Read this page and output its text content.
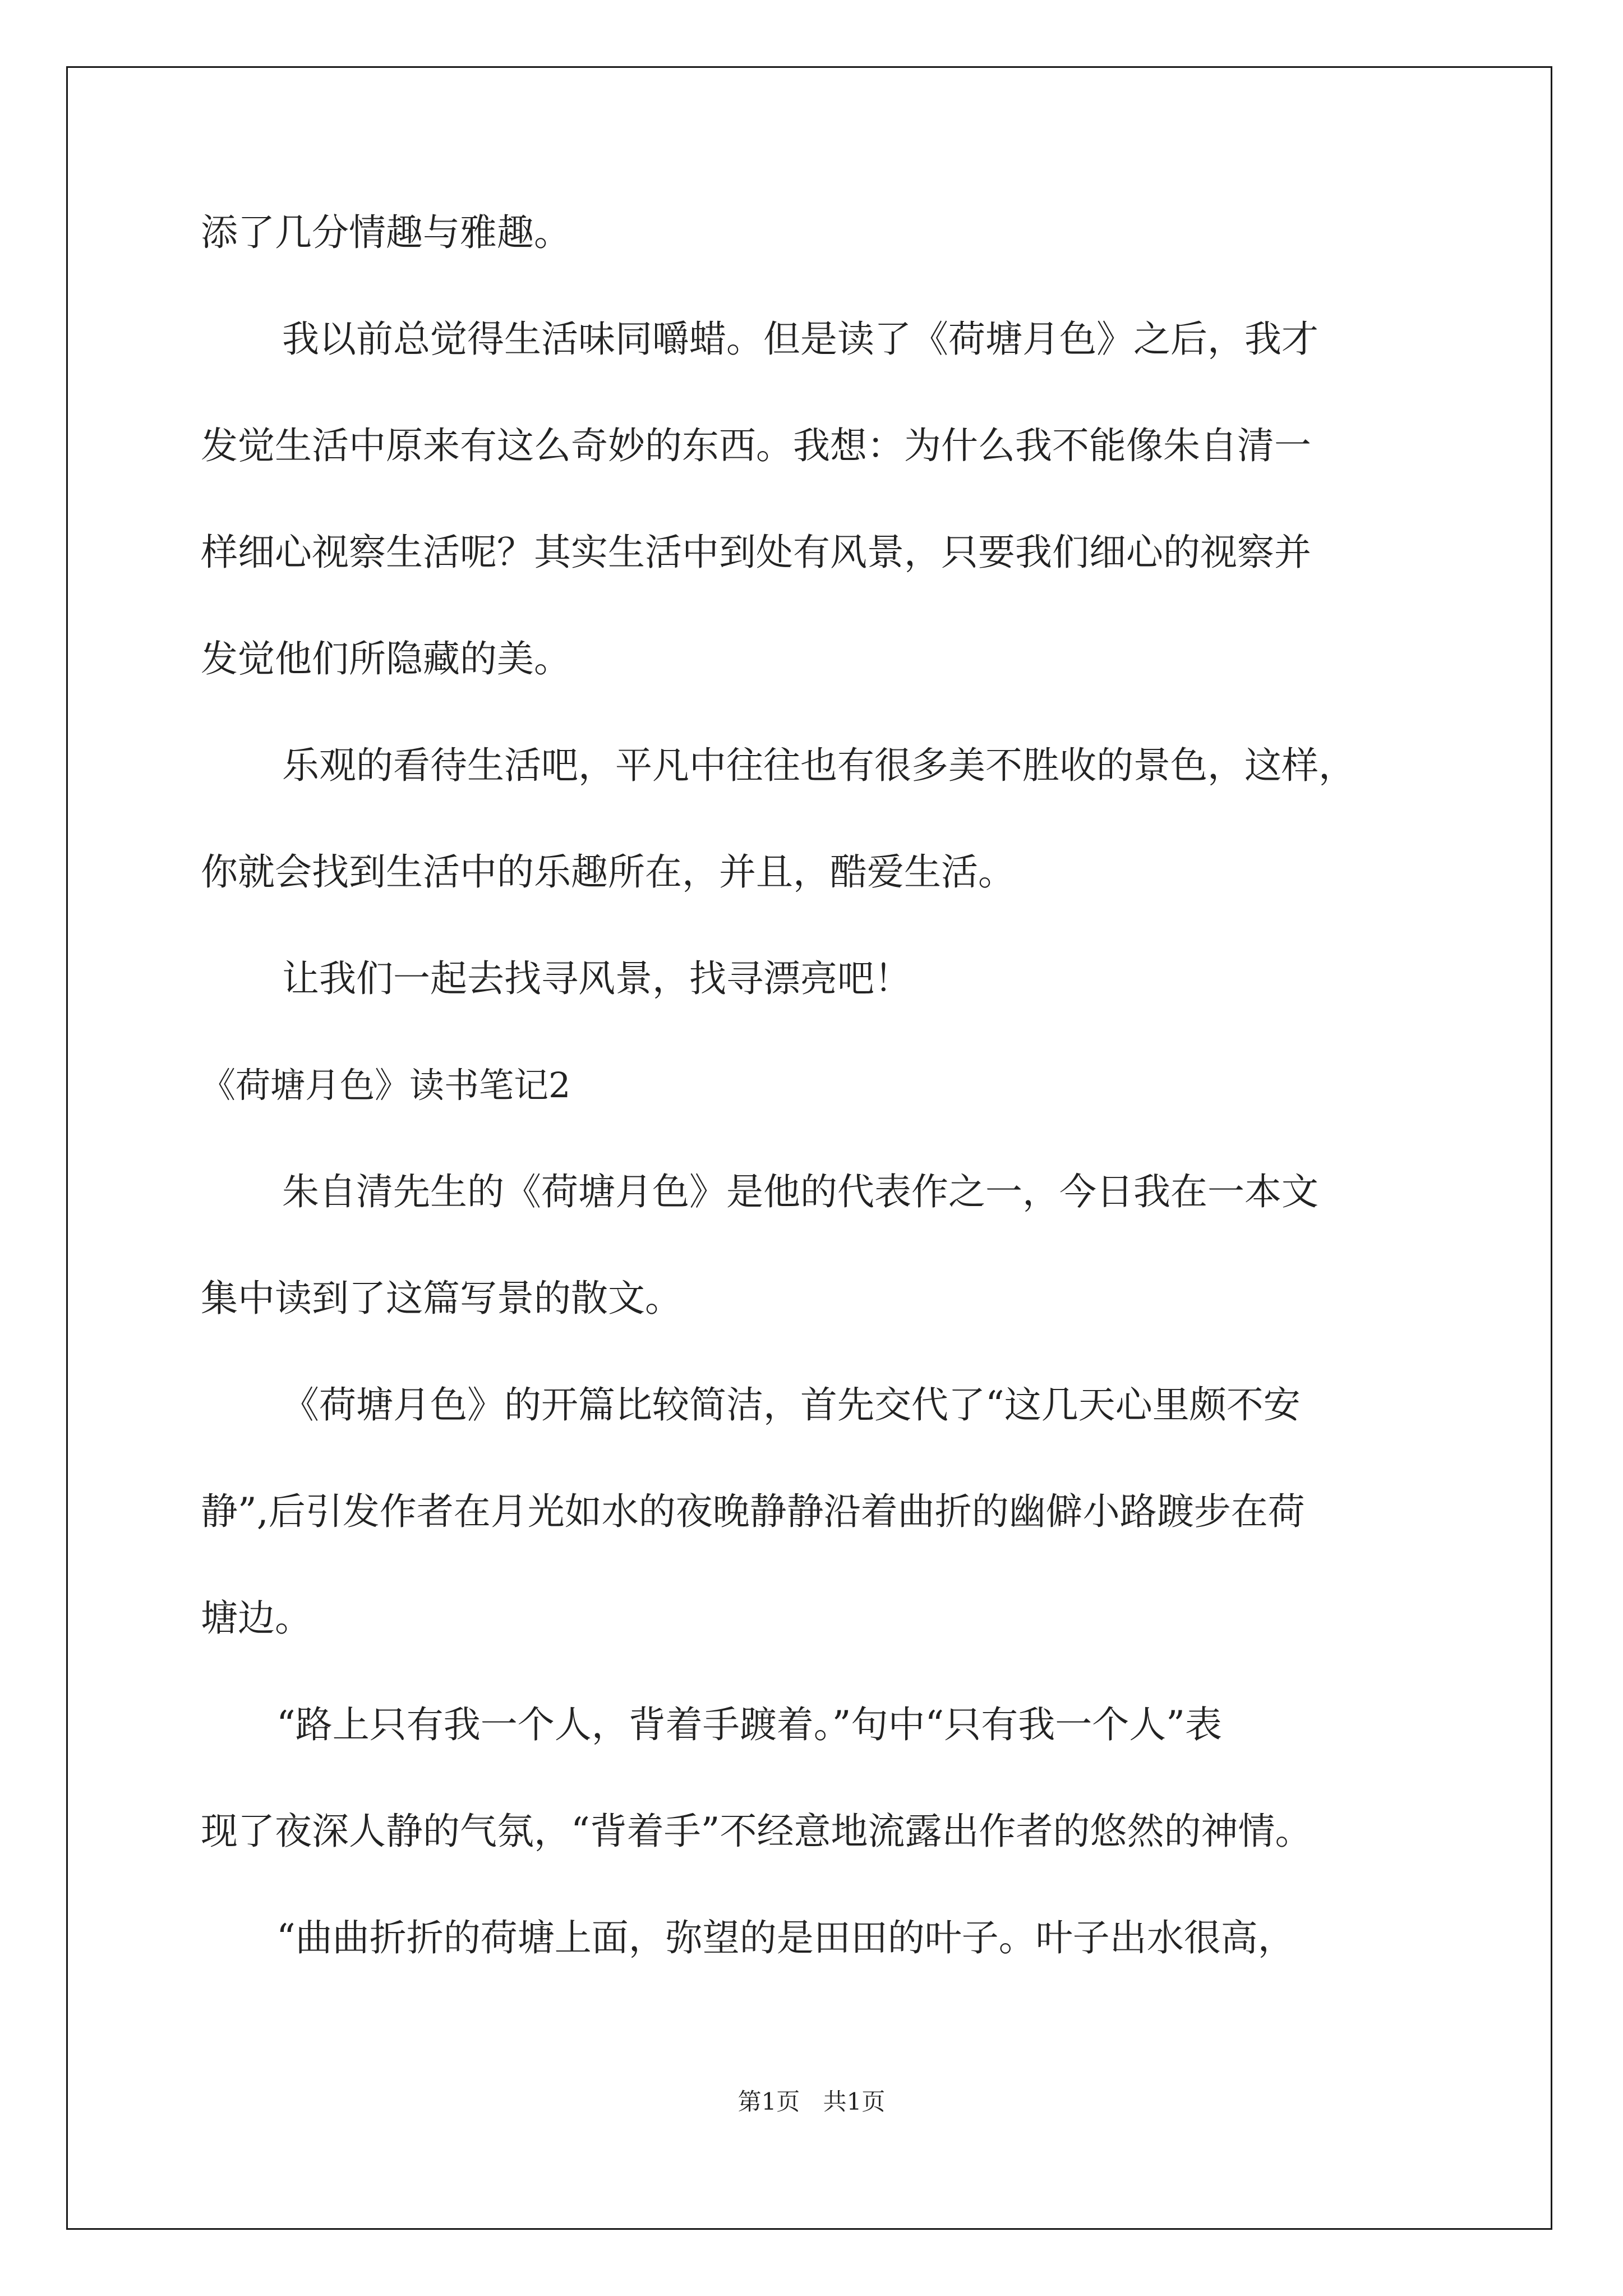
添了几分情趣与雅趣。

我以前总觉得生活味同嚼蜡。但是读了《荷塘月色》之后，我才

发觉生活中原来有这么奇妙的东西。我想：为什么我不能像朱自清一

样细心视察生活呢？其实生活中到处有风景，只要我们细心的视察并

发觉他们所隐藏的美。

乐观的看待生活吧，平凡中往往也有很多美不胜收的景色，这样，

你就会找到生活中的乐趣所在，并且，酷爱生活。

让我们一起去找寻风景，找寻漂亮吧！

《荷塘月色》读书笔记2

朱自清先生的《荷塘月色》是他的代表作之一，今日我在一本文

集中读到了这篇写景的散文。

《荷塘月色》的开篇比较简洁，首先交代了“这几天心里颇不安

静”,后引发作者在月光如水的夜晚静静沿着曲折的幽僻小路踱步在荷

塘边。

“路上只有我一个人，背着手踱着。”句中“只有我一个人”表

现了夜深人静的气氛，“背着手”不经意地流露出作者的悠然的神情。

“曲曲折折的荷塘上面，弥望的是田田的叶子。叶子出水很高，

第1页 共1页
